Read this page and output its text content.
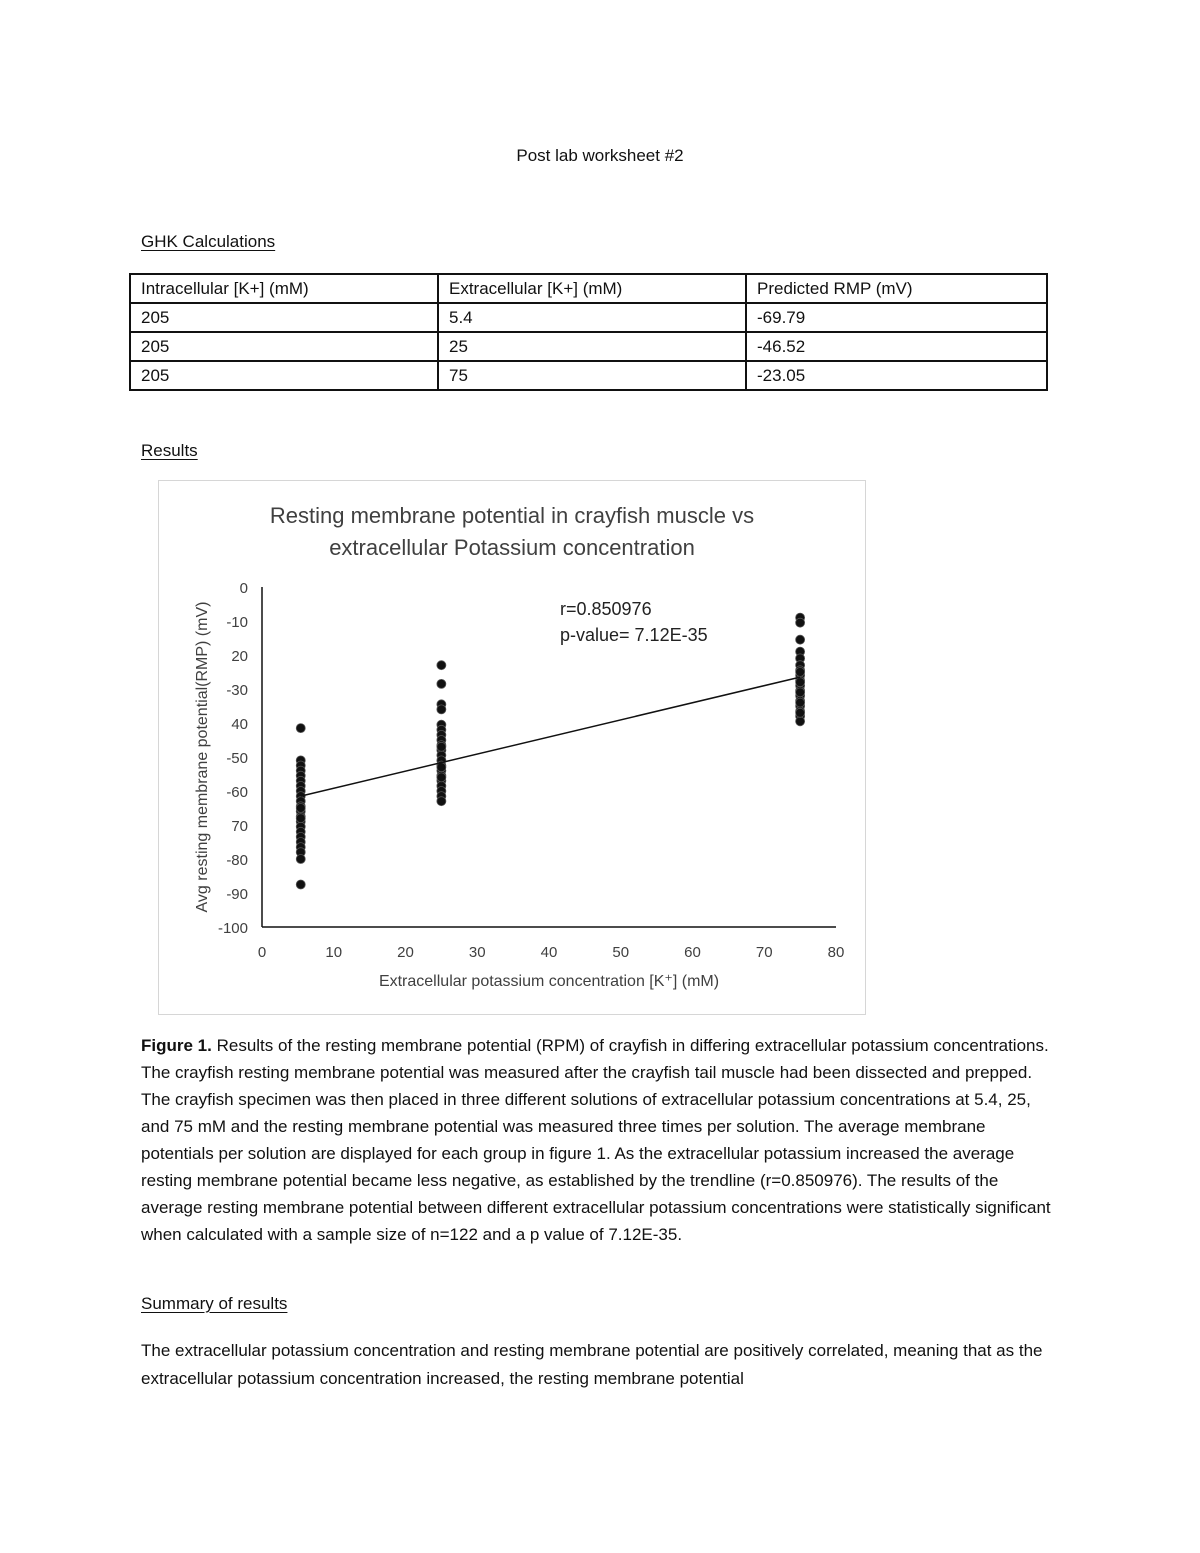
Post lab worksheet #2
GHK Calculations
Intracellular [K+] (mM)	Extracellular [K+] (mM)	Predicted RMP (mV)
205	5.4	-69.79
205	25	-46.52
205	75	-23.05
Results
Resting membrane potential in crayfish muscle vs
extracellular Potassium concentration
0
-10
20
-30
40
-50
-60
70
-80
-90
-100
0	10	20	30	40	50	60	70	80
r=0.850976
p-value= 7.12E-35
Extracellular potassium concentration [K⁺] (mM)
Avg resting membrane potential(RMP) (mV)
Figure 1. Results of the resting membrane potential (RPM) of crayfish in differing extracellular potassium concentrations. The crayfish resting membrane potential was measured after the crayfish tail muscle had been dissected and prepped. The crayfish specimen was then placed in three different solutions of extracellular potassium concentrations at 5.4, 25, and 75 mM and the resting membrane potential was measured three times per solution. The average membrane potentials per solution are displayed for each group in figure 1. As the extracellular potassium increased the average resting membrane potential became less negative, as established by the trendline (r=0.850976). The results of the average resting membrane potential between different extracellular potassium concentrations were statistically significant when calculated with a sample size of n=122 and a p value of 7.12E-35.
Summary of results
The extracellular potassium concentration and resting membrane potential are positively correlated, meaning that as the extracellular potassium concentration increased, the resting membrane potential
